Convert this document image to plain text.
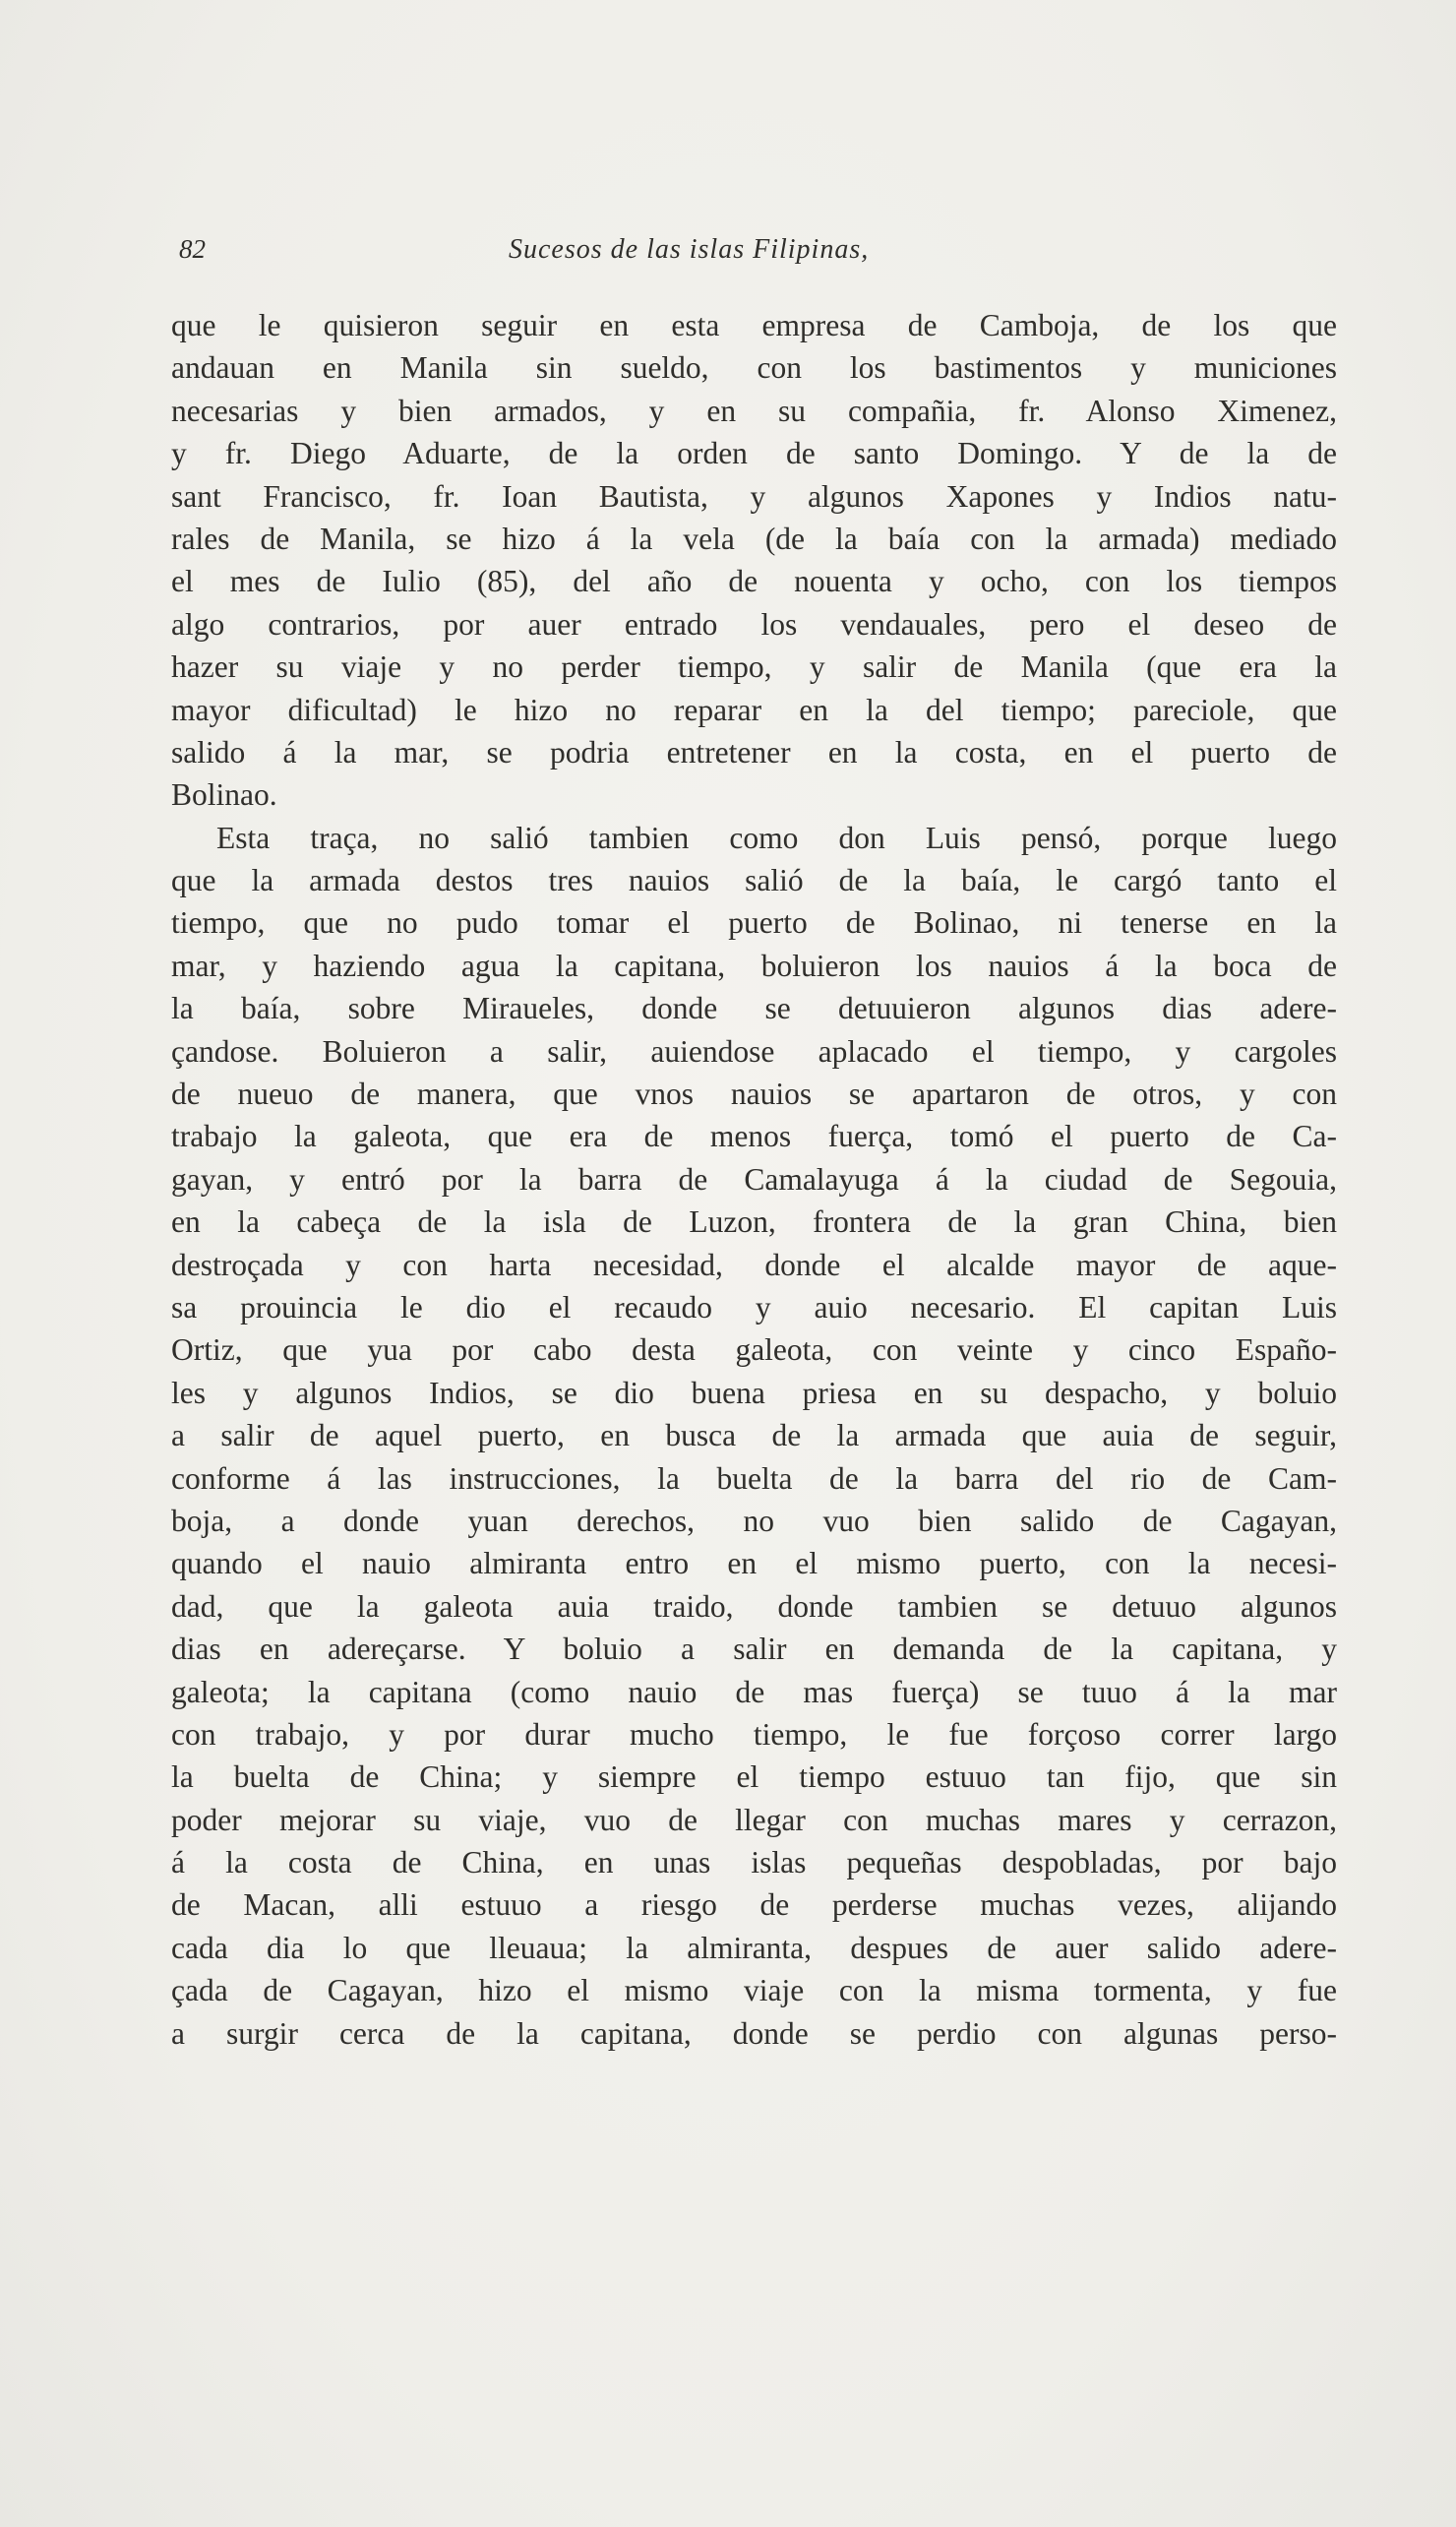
82	Sucesos de las islas Filipinas,
que le quisieron seguir en esta empresa de Camboja, de los que
andauan en Manila sin sueldo, con los bastimentos y municiones
necesarias y bien armados, y en su compañia, fr. Alonso Ximenez,
y fr. Diego Aduarte, de la orden de santo Domingo. Y de la de
sant Francisco, fr. Ioan Bautista, y algunos Xapones y Indios natu-
rales de Manila, se hizo á la vela (de la baía con la armada) mediado
el mes de Iulio (85), del año de nouenta y ocho, con los tiempos
algo contrarios, por auer entrado los vendauales, pero el deseo de
hazer su viaje y no perder tiempo, y salir de Manila (que era la
mayor dificultad) le hizo no reparar en la del tiempo; pareciole, que
salido á la mar, se podria entretener en la costa, en el puerto de
Bolinao.
Esta traça, no salió tambien como don Luis pensó, porque luego
que la armada destos tres nauios salió de la baía, le cargó tanto el
tiempo, que no pudo tomar el puerto de Bolinao, ni tenerse en la
mar, y haziendo agua la capitana, boluieron los nauios á la boca de
la baía, sobre Miraueles, donde se detuuieron algunos dias adere-
çandose. Boluieron a salir, auiendose aplacado el tiempo, y cargoles
de nueuo de manera, que vnos nauios se apartaron de otros, y con
trabajo la galeota, que era de menos fuerça, tomó el puerto de Ca-
gayan, y entró por la barra de Camalayuga á la ciudad de Segouia,
en la cabeça de la isla de Luzon, frontera de la gran China, bien
destroçada y con harta necesidad, donde el alcalde mayor de aque-
sa prouincia le dio el recaudo y auio necesario. El capitan Luis
Ortiz, que yua por cabo desta galeota, con veinte y cinco Españo-
les y algunos Indios, se dio buena priesa en su despacho, y boluio
a salir de aquel puerto, en busca de la armada que auia de seguir,
conforme á las instrucciones, la buelta de la barra del rio de Cam-
boja, a donde yuan derechos, no vuo bien salido de Cagayan,
quando el nauio almiranta entro en el mismo puerto, con la necesi-
dad, que la galeota auia traido, donde tambien se detuuo algunos
dias en adereçarse. Y boluio a salir en demanda de la capitana, y
galeota; la capitana (como nauio de mas fuerça) se tuuo á la mar
con trabajo, y por durar mucho tiempo, le fue forçoso correr largo
la buelta de China; y siempre el tiempo estuuo tan fijo, que sin
poder mejorar su viaje, vuo de llegar con muchas mares y cerrazon,
á la costa de China, en unas islas pequeñas despobladas, por bajo
de Macan, alli estuuo a riesgo de perderse muchas vezes, alijando
cada dia lo que lleuaua; la almiranta, despues de auer salido adere-
çada de Cagayan, hizo el mismo viaje con la misma tormenta, y fue
a surgir cerca de la capitana, donde se perdio con algunas perso-
